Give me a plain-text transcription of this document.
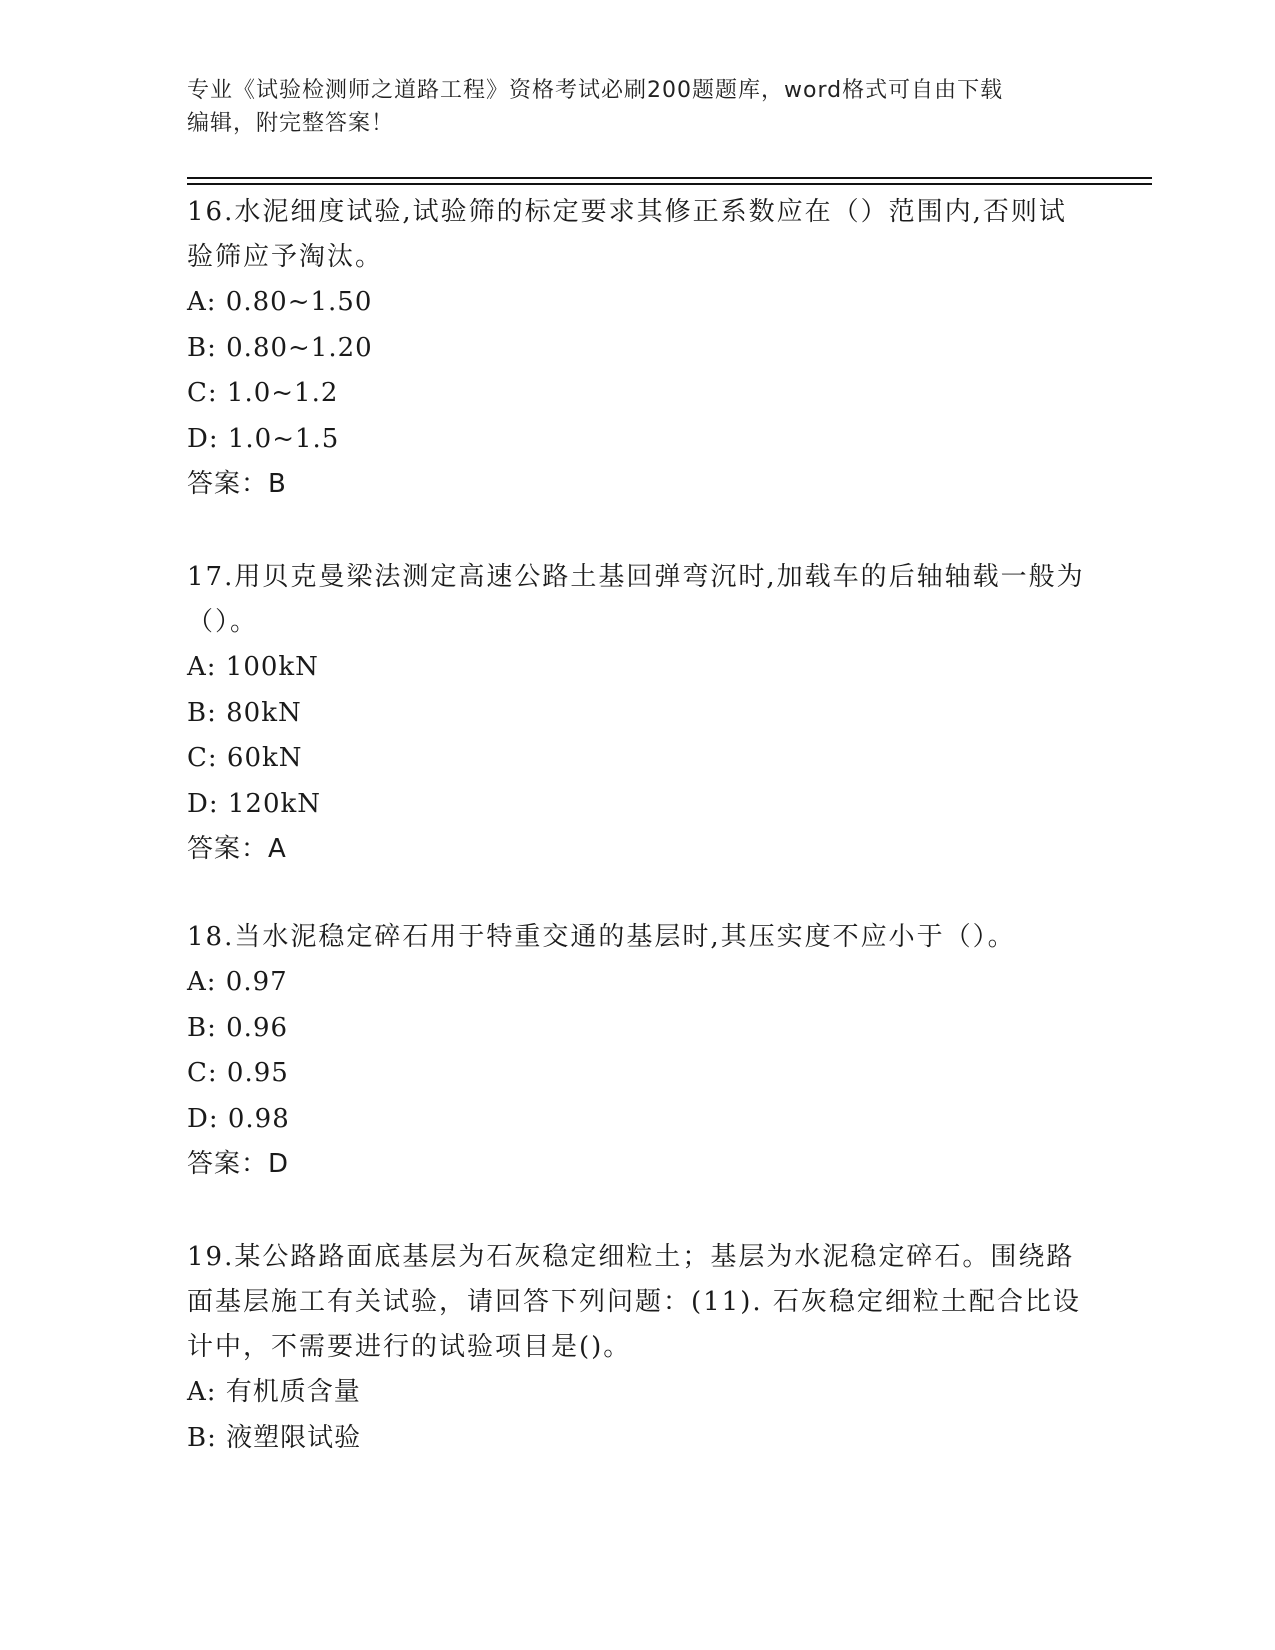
专业《试验检测师之道路工程》资格考试必刷200题题库，word格式可自由下载
编辑，附完整答案！

16.水泥细度试验,试验筛的标定要求其修正系数应在（）范围内,否则试验筛应予淘汰。

A: 0.80~1.50

B: 0.80~1.20

C: 1.0~1.2

D: 1.0~1.5

答案：B

17.用贝克曼梁法测定高速公路土基回弹弯沉时,加载车的后轴轴载一般为（）。

A: 100kN

B: 80kN

C: 60kN

D: 120kN

答案：A

18.当水泥稳定碎石用于特重交通的基层时,其压实度不应小于（）。

A: 0.97

B: 0.96

C: 0.95

D: 0.98

答案：D

19.某公路路面底基层为石灰稳定细粒土；基层为水泥稳定碎石。围绕路面基层施工有关试验，请回答下列问题：(11). 石灰稳定细粒土配合比设计中，不需要进行的试验项目是()。

A: 有机质含量

B: 液塑限试验
